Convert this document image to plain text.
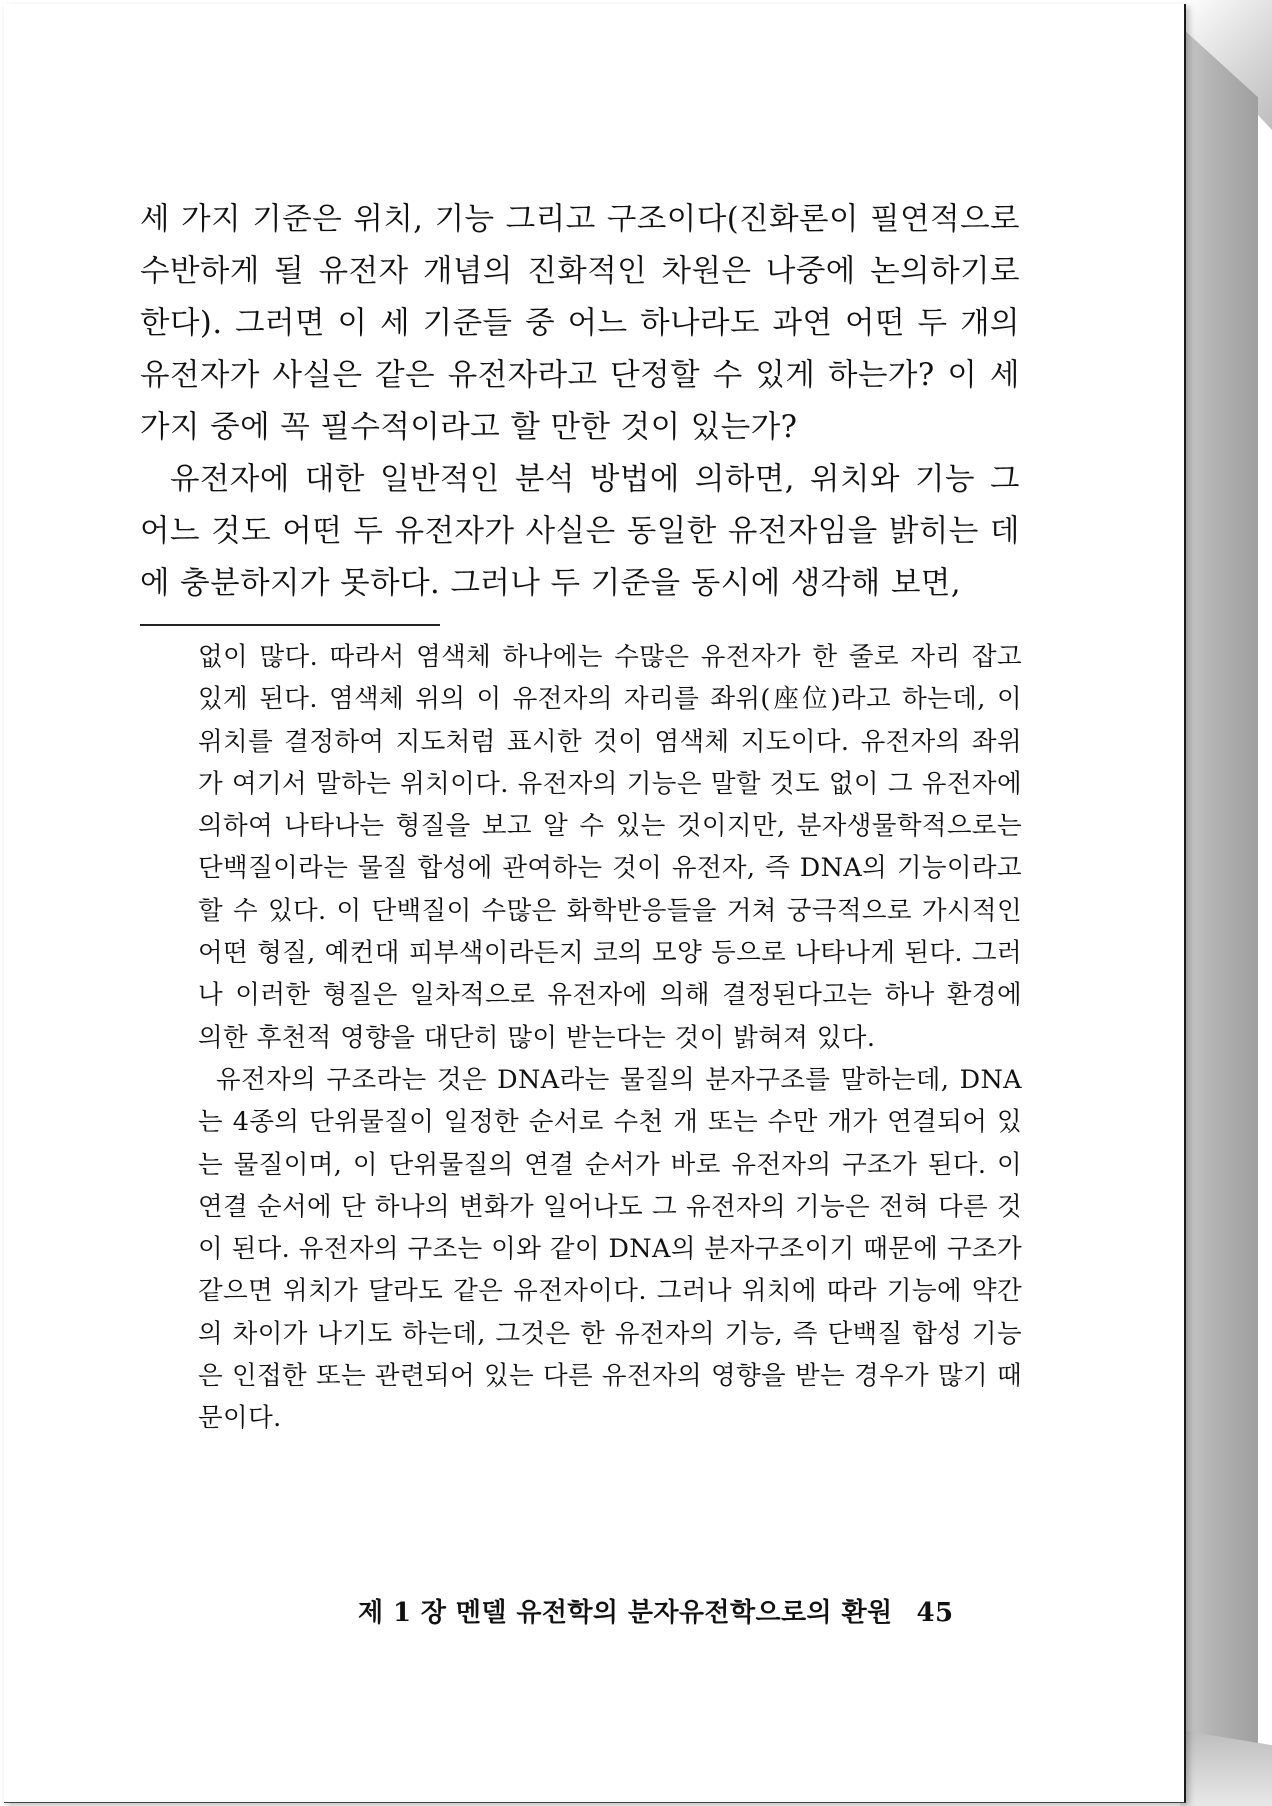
세 가지 기준은 위치, 기능 그리고 구조이다(진화론이 필연적으로 수반하게 될 유전자 개념의 진화적인 차원은 나중에 논의하기로 한다). 그러면 이 세 기준들 중 어느 하나라도 과연 어떤 두 개의 유전자가 사실은 같은 유전자라고 단정할 수 있게 하는가? 이 세 가지 중에 꼭 필수적이라고 할 만한 것이 있는가?

유전자에 대한 일반적인 분석 방법에 의하면, 위치와 기능 그 어느 것도 어떤 두 유전자가 사실은 동일한 유전자임을 밝히는 데에 충분하지가 못하다. 그러나 두 기준을 동시에 생각해 보면,

없이 많다. 따라서 염색체 하나에는 수많은 유전자가 한 줄로 자리 잡고 있게 된다. 염색체 위의 이 유전자의 자리를 좌위(座位)라고 하는데, 이 위치를 결정하여 지도처럼 표시한 것이 염색체 지도이다. 유전자의 좌위가 여기서 말하는 위치이다. 유전자의 기능은 말할 것도 없이 그 유전자에 의하여 나타나는 형질을 보고 알 수 있는 것이지만, 분자생물학적으로는 단백질이라는 물질 합성에 관여하는 것이 유전자, 즉 DNA의 기능이라고 할 수 있다. 이 단백질이 수많은 화학반응들을 거쳐 궁극적으로 가시적인 어떤 형질, 예컨대 피부색이라든지 코의 모양 등으로 나타나게 된다. 그러나 이러한 형질은 일차적으로 유전자에 의해 결정된다고는 하나 환경에 의한 후천적 영향을 대단히 많이 받는다는 것이 밝혀져 있다.

유전자의 구조라는 것은 DNA라는 물질의 분자구조를 말하는데, DNA는 4종의 단위물질이 일정한 순서로 수천 개 또는 수만 개가 연결되어 있는 물질이며, 이 단위물질의 연결 순서가 바로 유전자의 구조가 된다. 이 연결 순서에 단 하나의 변화가 일어나도 그 유전자의 기능은 전혀 다른 것이 된다. 유전자의 구조는 이와 같이 DNA의 분자구조이기 때문에 구조가 같으면 위치가 달라도 같은 유전자이다. 그러나 위치에 따라 기능에 약간의 차이가 나기도 하는데, 그것은 한 유전자의 기능, 즉 단백질 합성 기능은 인접한 또는 관련되어 있는 다른 유전자의 영향을 받는 경우가 많기 때문이다.

제 1 장 멘델 유전학의 분자유전학으로의 환원 45
